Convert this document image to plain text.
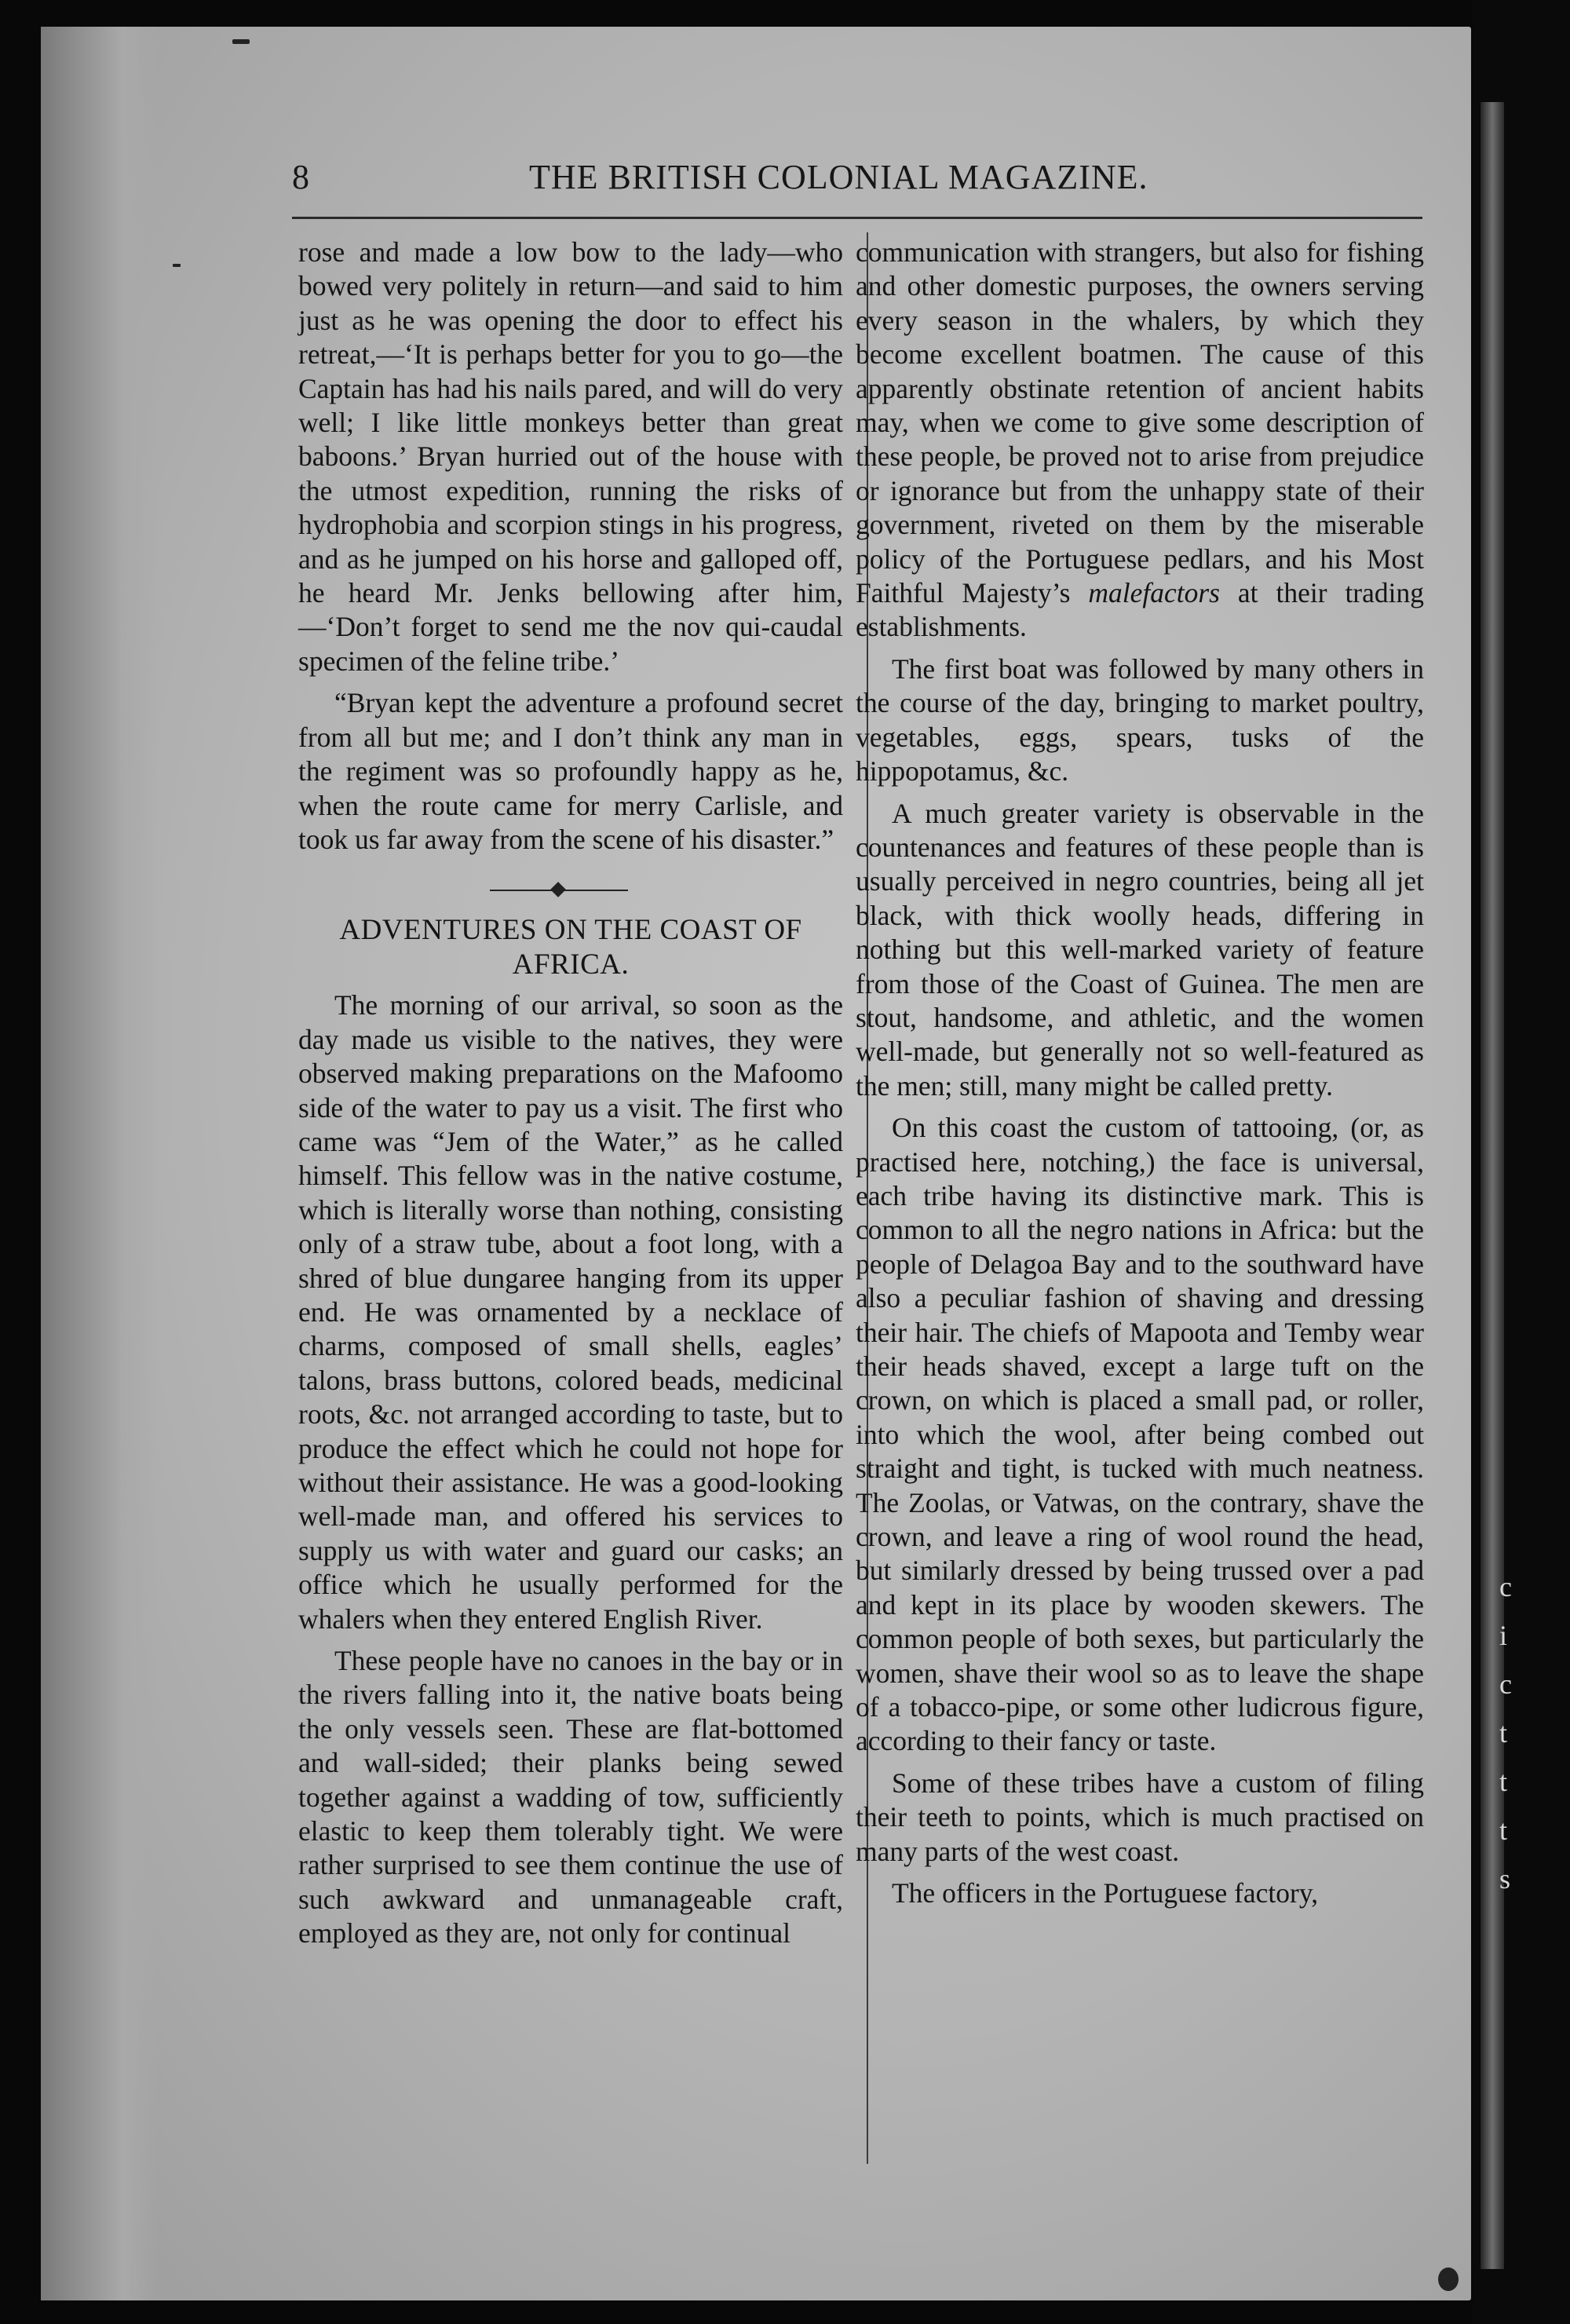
c
i
c
t
t
t
s
8	THE BRITISH COLONIAL MAGAZINE.

rose and made a low bow to the lady—who bowed very politely in return—and said to him just as he was opening the door to effect his retreat,—‘It is perhaps better for you to go—the Captain has had his nails pared, and will do very well; I like little monkeys better than great baboons.’ Bryan hurried out of the house with the utmost expedition, running the risks of hydrophobia and scorpion stings in his progress, and as he jumped on his horse and galloped off, he heard Mr. Jenks bellowing after him,—‘Don’t forget to send me the nov qui-caudal specimen of the feline tribe.’

“Bryan kept the adventure a profound secret from all but me; and I don’t think any man in the regiment was so profoundly happy as he, when the route came for merry Carlisle, and took us far away from the scene of his disaster.”

ADVENTURES ON THE COAST OF AFRICA.

The morning of our arrival, so soon as the day made us visible to the natives, they were observed making preparations on the Mafoomo side of the water to pay us a visit. The first who came was “Jem of the Water,” as he called himself. This fellow was in the native costume, which is literally worse than nothing, consisting only of a straw tube, about a foot long, with a shred of blue dungaree hanging from its upper end. He was ornamented by a necklace of charms, composed of small shells, eagles’ talons, brass buttons, colored beads, medicinal roots, &c. not arranged according to taste, but to produce the effect which he could not hope for without their assistance. He was a good-looking well-made man, and offered his services to supply us with water and guard our casks; an office which he usually performed for the whalers when they entered English River.

These people have no canoes in the bay or in the rivers falling into it, the native boats being the only vessels seen. These are flat-bottomed and wall-sided; their planks being sewed together against a wadding of tow, sufficiently elastic to keep them tolerably tight. We were rather surprised to see them continue the use of such awkward and unmanageable craft, employed as they are, not only for continual

communication with strangers, but also for fishing and other domestic purposes, the owners serving every season in the whalers, by which they become excellent boatmen. The cause of this apparently obstinate retention of ancient habits may, when we come to give some description of these people, be proved not to arise from prejudice or ignorance but from the unhappy state of their government, riveted on them by the miserable policy of the Portuguese pedlars, and his Most Faithful Majesty’s malefactors at their trading establishments.

The first boat was followed by many others in the course of the day, bringing to market poultry, vegetables, eggs, spears, tusks of the hippopotamus, &c.

A much greater variety is observable in the countenances and features of these people than is usually perceived in negro countries, being all jet black, with thick woolly heads, differing in nothing but this well-marked variety of feature from those of the Coast of Guinea. The men are stout, handsome, and athletic, and the women well-made, but generally not so well-featured as the men; still, many might be called pretty.

On this coast the custom of tattooing, (or, as practised here, notching,) the face is universal, each tribe having its distinctive mark. This is common to all the negro nations in Africa: but the people of Delagoa Bay and to the southward have also a peculiar fashion of shaving and dressing their hair. The chiefs of Mapoota and Temby wear their heads shaved, except a large tuft on the crown, on which is placed a small pad, or roller, into which the wool, after being combed out straight and tight, is tucked with much neatness. The Zoolas, or Vatwas, on the contrary, shave the crown, and leave a ring of wool round the head, but similarly dressed by being trussed over a pad and kept in its place by wooden skewers. The common people of both sexes, but particularly the women, shave their wool so as to leave the shape of a tobacco-pipe, or some other ludicrous figure, according to their fancy or taste.

Some of these tribes have a custom of filing their teeth to points, which is much practised on many parts of the west coast.

The officers in the Portuguese factory,
